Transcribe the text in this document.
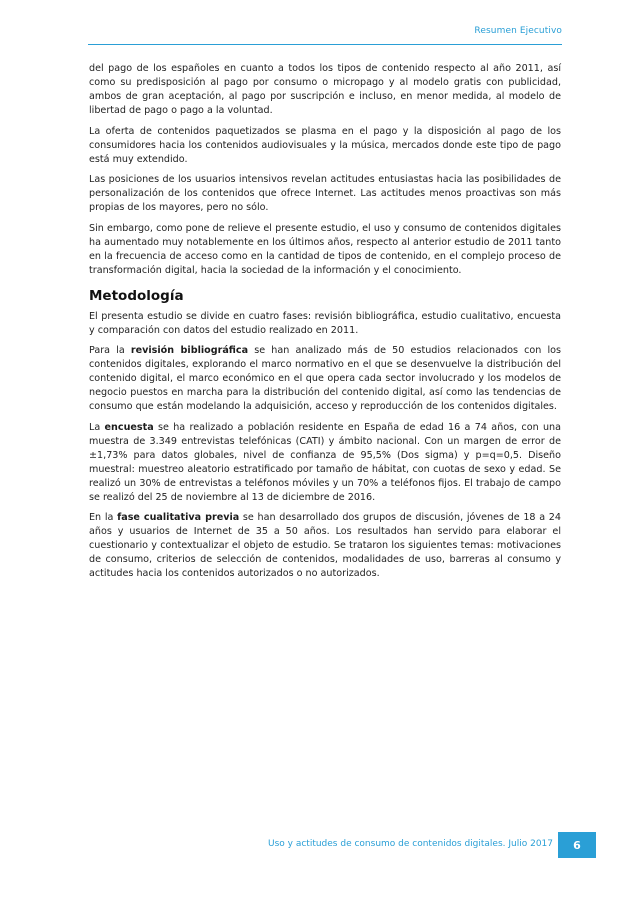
Resumen Ejecutivo

del pago de los españoles en cuanto a todos los tipos de contenido respecto al año 2011, así como su predisposición al pago por consumo o micropago y al modelo gratis con publicidad, ambos de gran aceptación, al pago por suscripción e incluso, en menor medida, al modelo de libertad de pago o pago a la voluntad.

La oferta de contenidos paquetizados se plasma en el pago y la disposición al pago de los consumidores hacia los contenidos audiovisuales y la música, mercados donde este tipo de pago está muy extendido.

Las posiciones de los usuarios intensivos revelan actitudes entusiastas hacia las posibilidades de personalización de los contenidos que ofrece Internet. Las actitudes menos proactivas son más propias de los mayores, pero no sólo.

Sin embargo, como pone de relieve el presente estudio, el uso y consumo de contenidos digitales ha aumentado muy notablemente en los últimos años, respecto al anterior estudio de 2011 tanto en la frecuencia de acceso como en la cantidad de tipos de contenido, en el complejo proceso de transformación digital, hacia la sociedad de la información y el conocimiento.

Metodología

El presenta estudio se divide en cuatro fases: revisión bibliográfica, estudio cualitativo, encuesta y comparación con datos del estudio realizado en 2011.

Para la revisión bibliográfica se han analizado más de 50 estudios relacionados con los contenidos digitales, explorando el marco normativo en el que se desenvuelve la distribución del contenido digital, el marco económico en el que opera cada sector involucrado y los modelos de negocio puestos en marcha para la distribución del contenido digital, así como las tendencias de consumo que están modelando la adquisición, acceso y reproducción de los contenidos digitales.

La encuesta se ha realizado a población residente en España de edad 16 a 74 años, con una muestra de 3.349 entrevistas telefónicas (CATI) y ámbito nacional. Con un margen de error de ±1,73% para datos globales, nivel de confianza de 95,5% (Dos sigma) y p=q=0,5. Diseño muestral: muestreo aleatorio estratificado por tamaño de hábitat, con cuotas de sexo y edad. Se realizó un 30% de entrevistas a teléfonos móviles y un 70% a teléfonos fijos. El trabajo de campo se realizó del 25 de noviembre al 13 de diciembre de 2016.

En la fase cualitativa previa se han desarrollado dos grupos de discusión, jóvenes de 18 a 24 años y usuarios de Internet de 35 a 50 años. Los resultados han servido para elaborar el cuestionario y contextualizar el objeto de estudio. Se trataron los siguientes temas: motivaciones de consumo, criterios de selección de contenidos, modalidades de uso, barreras al consumo y actitudes hacia los contenidos autorizados o no autorizados.

Uso y actitudes de consumo de contenidos digitales. Julio 2017	6
